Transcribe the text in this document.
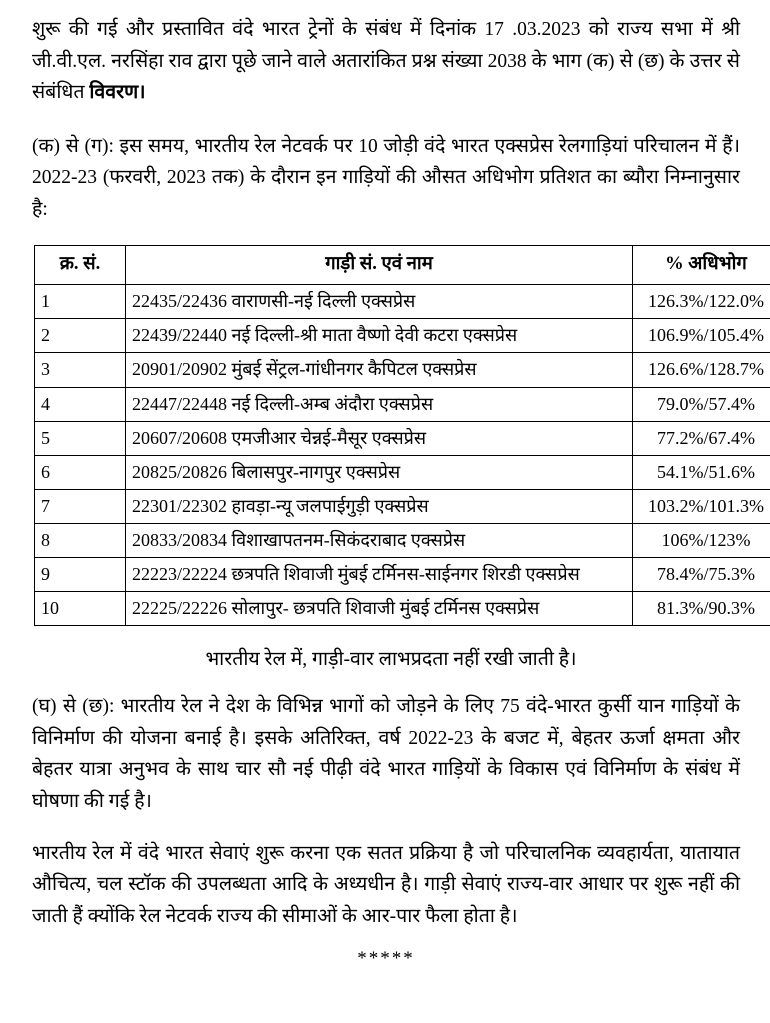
शुरू की गई और प्रस्तावित वंदे भारत ट्रेनों के संबंध में दिनांक 17 .03.2023 को राज्य सभा में श्री जी.वी.एल. नरसिंहा राव द्वारा पूछे जाने वाले अतारांकित प्रश्न संख्या 2038 के भाग (क) से (छ) के उत्तर से संबंधित विवरण।

(क) से (ग): इस समय, भारतीय रेल नेटवर्क पर 10 जोड़ी वंदे भारत एक्सप्रेस रेलगाड़ियां परिचालन में हैं। 2022-23 (फरवरी, 2023 तक) के दौरान इन गाड़ियों की औसत अधिभोग प्रतिशत का ब्यौरा निम्नानुसार है:

क्र. सं.	गाड़ी सं. एवं नाम	% अधिभोग
1	22435/22436 वाराणसी-नई दिल्ली एक्सप्रेस	126.3%/122.0%
2	22439/22440 नई दिल्ली-श्री माता वैष्णो देवी कटरा एक्सप्रेस	106.9%/105.4%
3	20901/20902 मुंबई सेंट्रल-गांधीनगर कैपिटल एक्सप्रेस	126.6%/128.7%
4	22447/22448 नई दिल्ली-अम्ब अंदौरा एक्सप्रेस	79.0%/57.4%
5	20607/20608 एमजीआर चेन्नई-मैसूर एक्सप्रेस	77.2%/67.4%
6	20825/20826 बिलासपुर-नागपुर एक्सप्रेस	54.1%/51.6%
7	22301/22302 हावड़ा-न्यू जलपाईगुड़ी एक्सप्रेस	103.2%/101.3%
8	20833/20834 विशाखापतनम-सिकंदराबाद एक्सप्रेस	106%/123%
9	22223/22224 छत्रपति शिवाजी मुंबई टर्मिनस-साईनगर शिरडी एक्सप्रेस	78.4%/75.3%
10	22225/22226 सोलापुर- छत्रपति शिवाजी मुंबई टर्मिनस एक्सप्रेस	81.3%/90.3%
भारतीय रेल में, गाड़ी-वार लाभप्रदता नहीं रखी जाती है।

(घ) से (छ): भारतीय रेल ने देश के विभिन्न भागों को जोड़ने के लिए 75 वंदे-भारत कुर्सी यान गाड़ियों के विनिर्माण की योजना बनाई है। इसके अतिरिक्त, वर्ष 2022-23 के बजट में, बेहतर ऊर्जा क्षमता और बेहतर यात्रा अनुभव के साथ चार सौ नई पीढ़ी वंदे भारत गाड़ियों के विकास एवं विनिर्माण के संबंध में घोषणा की गई है।

भारतीय रेल में वंदे भारत सेवाएं शुरू करना एक सतत प्रक्रिया है जो परिचालनिक व्यवहार्यता, यातायात औचित्य, चल स्टॉक की उपलब्धता आदि के अध्यधीन है। गाड़ी सेवाएं राज्य-वार आधार पर शुरू नहीं की जाती हैं क्योंकि रेल नेटवर्क राज्य की सीमाओं के आर-पार फैला होता है।

*****
